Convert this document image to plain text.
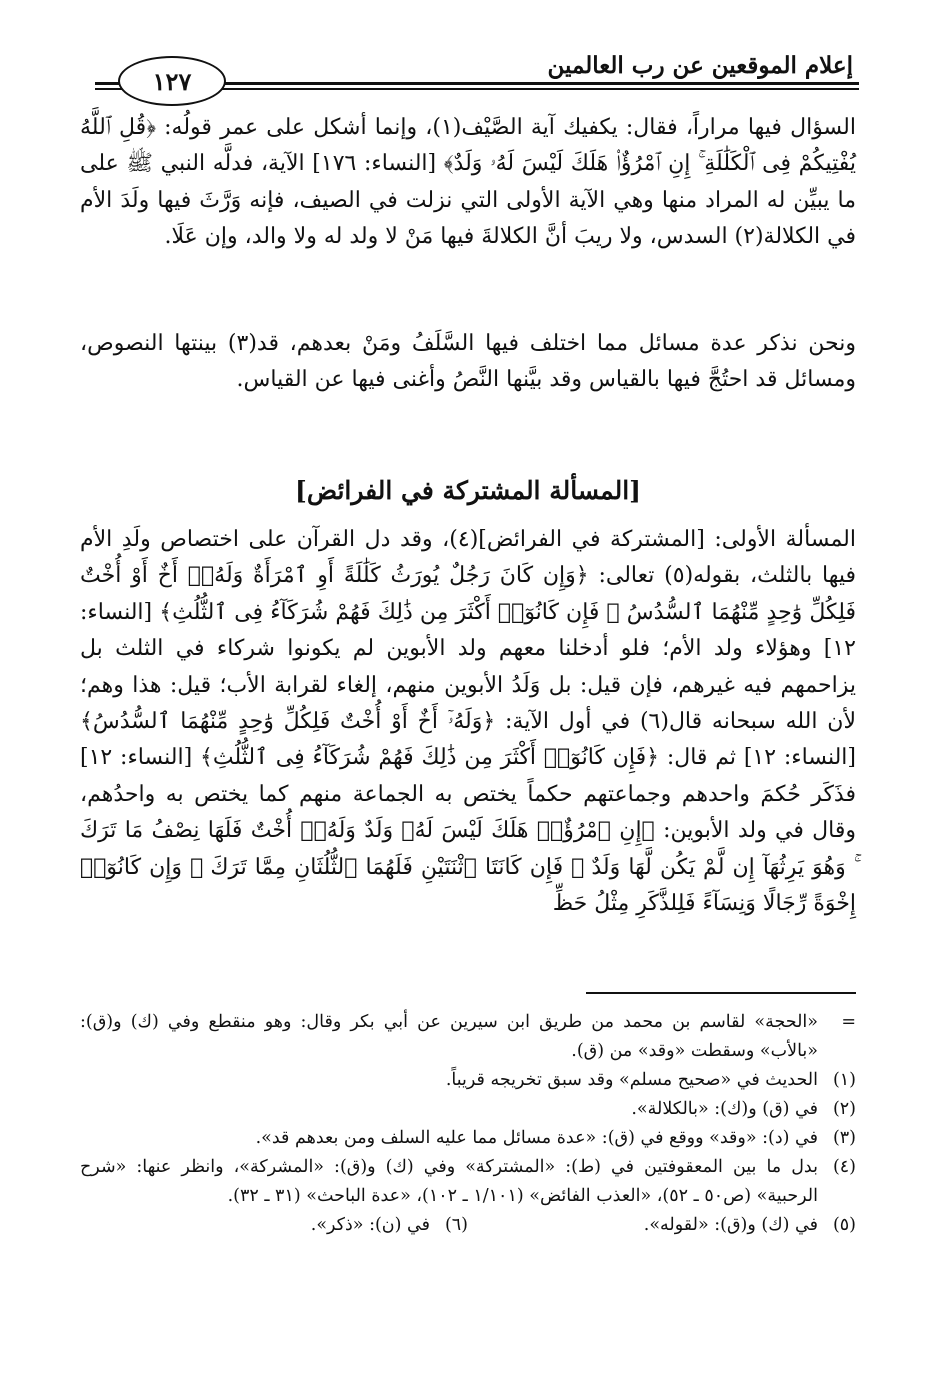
إعلام الموقعين عن رب العالمين
١٢٧
السؤال فيها مراراً، فقال: يكفيك آية الصَّيْف(١)، وإنما أشكل على عمر قولُه: ﴿قُلِ ٱللَّهُ يُفْتِيكُمْ فِى ٱلْكَلَٰلَةِ ۚ إِنِ ٱمْرُؤٌا۟ هَلَكَ لَيْسَ لَهُۥ وَلَدٌ﴾ [النساء: ١٧٦] الآية، فدلَّه النبي ﷺ على ما يبيِّن له المراد منها وهي الآية الأولى التي نزلت في الصيف، فإنه وَرَّثَ فيها ولَدَ الأم في الكلالة(٢) السدس، ولا ريبَ أنَّ الكلالةَ فيها مَنْ لا ولد له ولا والد، وإن عَلَا.
ونحن نذكر عدة مسائل مما اختلف فيها السَّلَفُ ومَنْ بعدهم، قد(٣) بينتها النصوص، ومسائل قد احتُجَّ فيها بالقياس وقد بيَّنها النَّصُ وأغنى فيها عن القياس.
[المسألة المشتركة في الفرائض]
المسألة الأولى: [المشتركة في الفرائض](٤)، وقد دل القرآن على اختصاص ولَدِ الأم فيها بالثلث، بقوله(٥) تعالى: ﴿وَإِن كَانَ رَجُلٌ يُورَثُ كَلَٰلَةً أَوِ ٱمْرَأَةٌ وَلَهُۥٓ أَخٌ أَوْ أُخْتٌ فَلِكُلِّ وَٰحِدٍ مِّنْهُمَا ٱلسُّدُسُ ۚ فَإِن كَانُوٓا۟ أَكْثَرَ مِن ذَٰلِكَ فَهُمْ شُرَكَآءُ فِى ٱلثُّلُثِ﴾ [النساء: ١٢] وهؤلاء ولد الأم؛ فلو أدخلنا معهم ولد الأبوين لم يكونوا شركاء في الثلث بل يزاحمهم فيه غيرهم، فإن قيل: بل وَلَدُ الأبوين منهم، إلغاء لقرابة الأب؛ قيل: هذا وهم؛ لأن الله سبحانه قال(٦) في أول الآية: ﴿وَلَهُۥٓ أَخٌ أَوْ أُخْتٌ فَلِكُلِّ وَٰحِدٍ مِّنْهُمَا ٱلسُّدُسُ﴾ [النساء: ١٢] ثم قال: ﴿فَإِن كَانُوٓا۟ أَكْثَرَ مِن ذَٰلِكَ فَهُمْ شُرَكَآءُ فِى ٱلثُّلُثِ﴾ [النساء: ١٢] فذَكَر حُكمَ واحدهم وجماعتهم حكماً يختص به الجماعة منهم كما يختص به واحدُهم، وقال في ولد الأبوين: ﴿إِنِ ٱمْرُؤٌا۟ هَلَكَ لَيْسَ لَهُۥ وَلَدٌ وَلَهُۥٓ أُخْتٌ فَلَهَا نِصْفُ مَا تَرَكَ ۚ وَهُوَ يَرِثُهَآ إِن لَّمْ يَكُن لَّهَا وَلَدٌ ۚ فَإِن كَانَتَا ٱثْنَتَيْنِ فَلَهُمَا ٱلثُّلُثَانِ مِمَّا تَرَكَ ۚ وَإِن كَانُوٓا۟ إِخْوَةً رِّجَالًا وَنِسَآءً فَلِلذَّكَرِ مِثْلُ حَظِّ
=
«الحجة» لقاسم بن محمد من طريق ابن سيرين عن أبي بكر وقال: وهو منقطع وفي (ك) و(ق): «بالأب» وسقطت «وقد» من (ق).
(١)
الحديث في «صحيح مسلم» وقد سبق تخريجه قريباً.
(٢)
في (ق) و(ك): «بالكلالة».
(٣)
في (د): «وقد» ووقع في (ق): «عدة مسائل مما عليه السلف ومن بعدهم قد».
(٤)
بدل ما بين المعقوفتين في (ط): «المشتركة» وفي (ك) و(ق): «المشركة»، وانظر عنها: «شرح الرحبية» (ص٥٠ ـ ٥٢)، «العذب الفائض» (١/١٠١ ـ ١٠٢)، «عدة الباحث» (٣١ ـ ٣٢).
(٥)
في (ك) و(ق): «لقوله».
(٦)
في (ن): «ذكر».
